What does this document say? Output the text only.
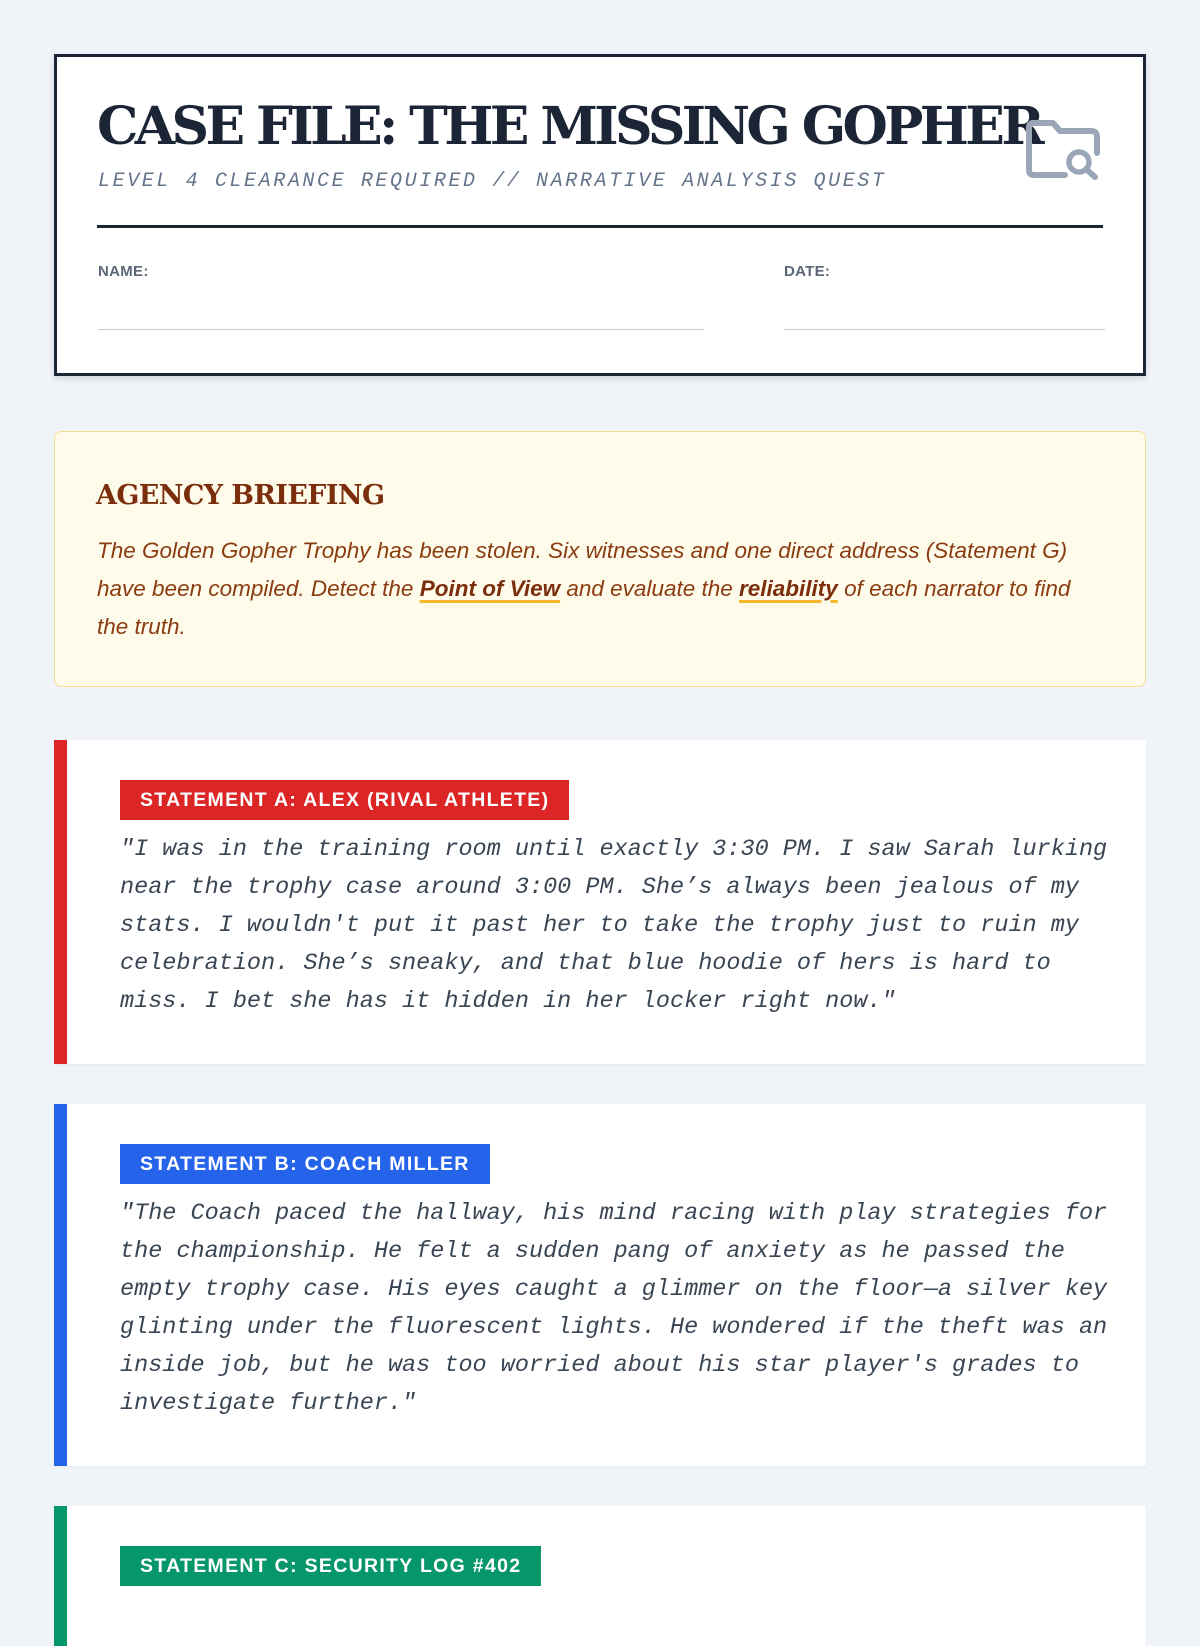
CASE FILE: THE MISSING GOPHER
LEVEL 4 CLEARANCE REQUIRED // NARRATIVE ANALYSIS QUEST
NAME:	DATE:
AGENCY BRIEFING

The Golden Gopher Trophy has been stolen. Six witnesses and one direct address (Statement G) have been compiled. Detect the Point of View and evaluate the reliability of each narrator to find the truth.

STATEMENT A: ALEX (RIVAL ATHLETE)

"I was in the training room until exactly 3:30 PM. I saw Sarah lurking near the trophy case around 3:00 PM. She’s always been jealous of my stats. I wouldn't put it past her to take the trophy just to ruin my celebration. She’s sneaky, and that blue hoodie of hers is hard to miss. I bet she has it hidden in her locker right now."

STATEMENT B: COACH MILLER

"The Coach paced the hallway, his mind racing with play strategies for the championship. He felt a sudden pang of anxiety as he passed the empty trophy case. His eyes caught a glimmer on the floor—a silver key glinting under the fluorescent lights. He wondered if the theft was an inside job, but he was too worried about his star player's grades to investigate further."

STATEMENT C: SECURITY LOG #402
